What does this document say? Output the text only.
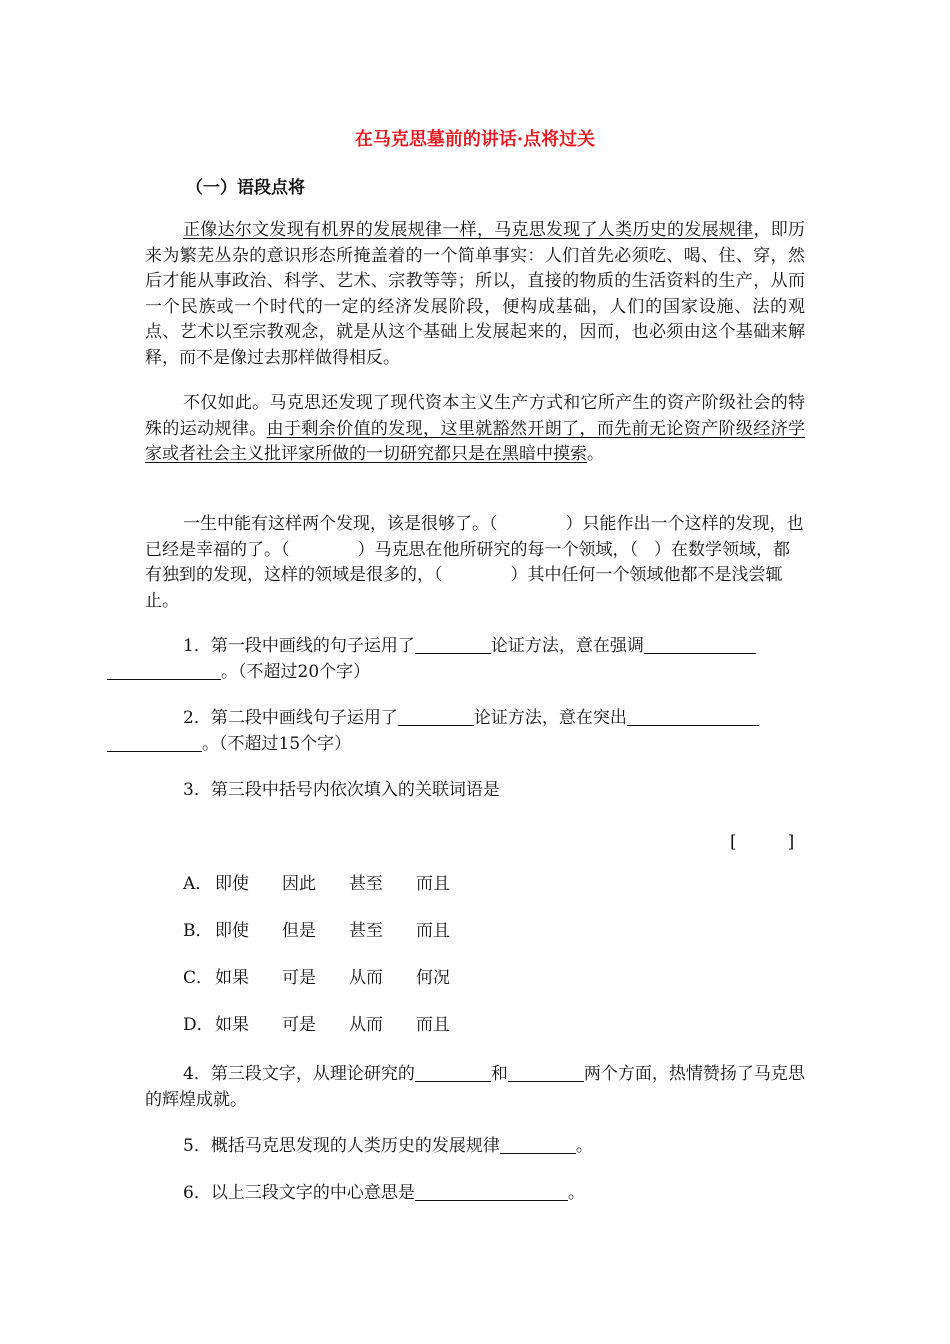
在马克思墓前的讲话·点将过关
（一）语段点将

正像达尔文发现有机界的发展规律一样，马克思发现了人类历史的发展规律，即历来为繁芜丛杂的意识形态所掩盖着的一个简单事实：人们首先必须吃、喝、住、穿，然后才能从事政治、科学、艺术、宗教等等；所以，直接的物质的生活资料的生产，从而一个民族或一个时代的一定的经济发展阶段，便构成基础，人们的国家设施、法的观点、艺术以至宗教观念，就是从这个基础上发展起来的，因而，也必须由这个基础来解释，而不是像过去那样做得相反。

不仅如此。马克思还发现了现代资本主义生产方式和它所产生的资产阶级社会的特殊的运动规律。由于剩余价值的发现，这里就豁然开朗了，而先前无论资产阶级经济学家或者社会主义批评家所做的一切研究都只是在黑暗中摸索。

一生中能有这样两个发现，该是很够了。（	）只能作出一个这样的发现，也已经是幸福的了。（	）马克思在他所研究的每一个领域，（ ）在数学领域，都有独到的发现，这样的领域是很多的，（	）其中任何一个领域他都不是浅尝辄止。

1．第一段中画线的句子运用了	论证方法，意在强调
。（不超过20个字）

2．第二段中画线句子运用了	论证方法，意在突出
。（不超过15个字）

3．第三段中括号内依次填入的关联词语是

[　　　]
A． 即使 因此 甚至 而且
B． 即使 但是 甚至 而且
C． 如果 可是 从而 何况
D．如果 可是 从而 而且

4．第三段文字，从理论研究的	和	两个方面，热情赞扬了马克思的辉煌成就。

5．概括马克思发现的人类历史的发展规律	。

6．以上三段文字的中心意思是	。
